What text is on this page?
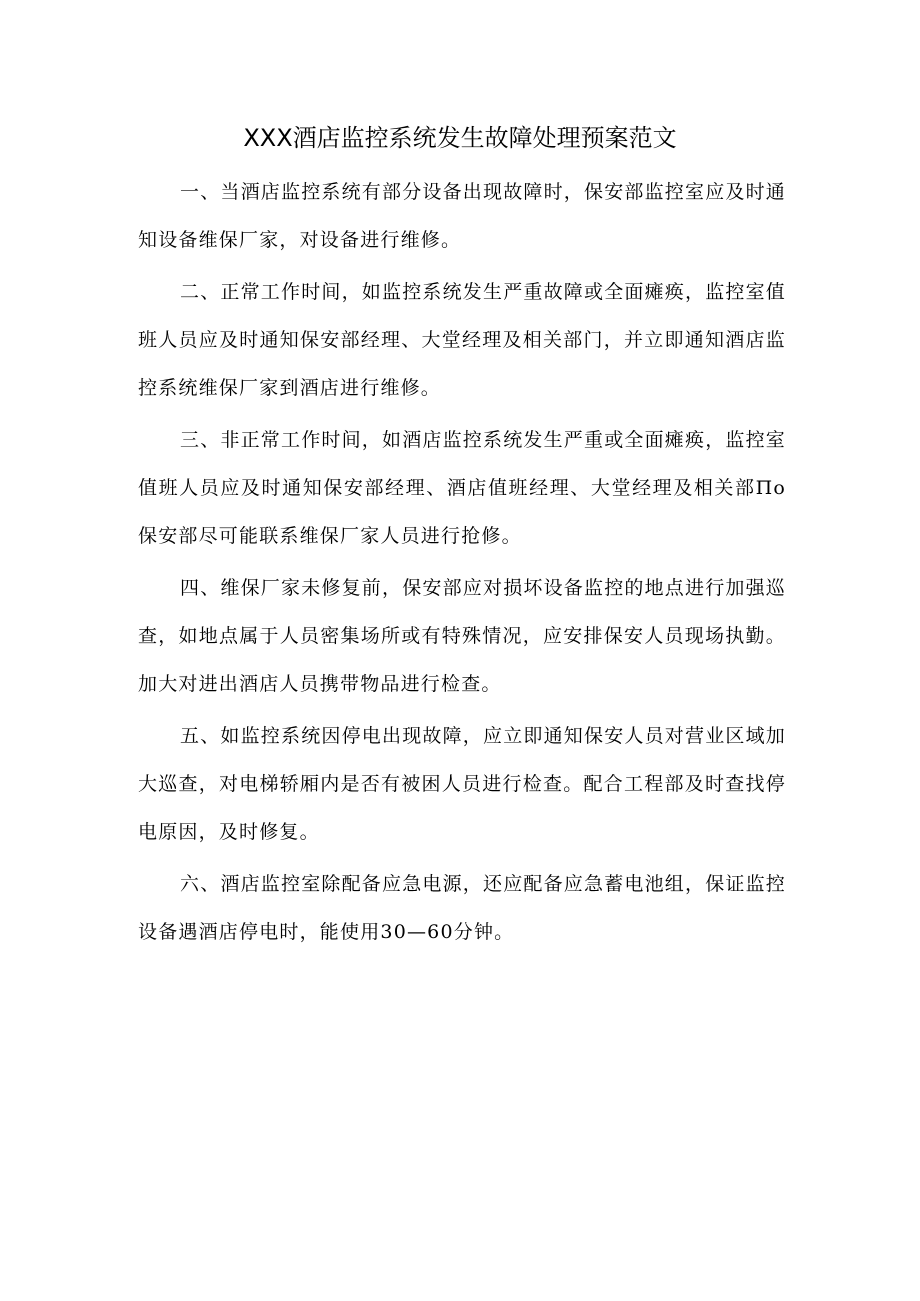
XXX酒店监控系统发生故障处理预案范文

一、当酒店监控系统有部分设备出现故障时，保安部监控室应及时通知设备维保厂家，对设备进行维修。

二、正常工作时间，如监控系统发生严重故障或全面瘫痪，监控室值班人员应及时通知保安部经理、大堂经理及相关部门，并立即通知酒店监控系统维保厂家到酒店进行维修。

三、非正常工作时间，如酒店监控系统发生严重或全面瘫痪，监控室值班人员应及时通知保安部经理、酒店值班经理、大堂经理及相关部Πo保安部尽可能联系维保厂家人员进行抢修。

四、维保厂家未修复前，保安部应对损坏设备监控的地点进行加强巡查，如地点属于人员密集场所或有特殊情况，应安排保安人员现场执勤。加大对进出酒店人员携带物品进行检查。

五、如监控系统因停电出现故障，应立即通知保安人员对营业区域加大巡查，对电梯轿厢内是否有被困人员进行检查。配合工程部及时查找停电原因，及时修复。

六、酒店监控室除配备应急电源，还应配备应急蓄电池组，保证监控设备遇酒店停电时，能使用30—60分钟。
